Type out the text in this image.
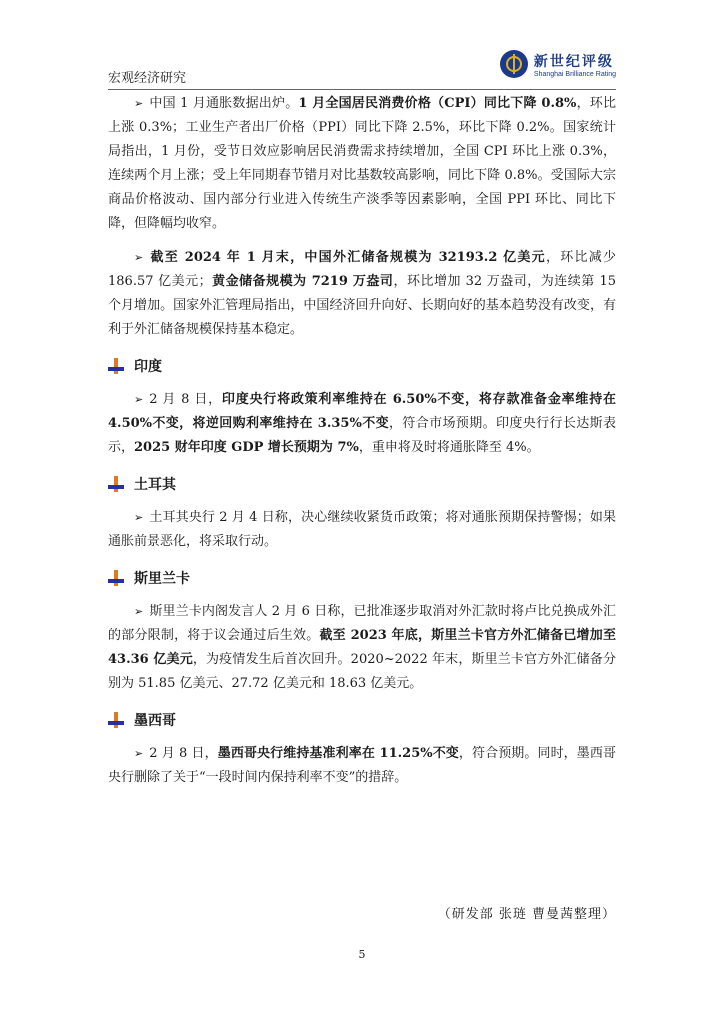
宏观经济研究
新世纪评级
Shanghai Brilliance Rating

➢ 中国 1 月通胀数据出炉。1 月全国居民消费价格（CPI）同比下降 0.8%，环比上涨 0.3%；工业生产者出厂价格（PPI）同比下降 2.5%，环比下降 0.2%。国家统计局指出，1 月份，受节日效应影响居民消费需求持续增加，全国 CPI 环比上涨 0.3%，连续两个月上涨；受上年同期春节错月对比基数较高影响，同比下降 0.8%。受国际大宗商品价格波动、国内部分行业进入传统生产淡季等因素影响，全国 PPI 环比、同比下降，但降幅均收窄。

➢ 截至 2024 年 1 月末，中国外汇储备规模为 32193.2 亿美元，环比减少 186.57 亿美元；黄金储备规模为 7219 万盎司，环比增加 32 万盎司，为连续第 15 个月增加。国家外汇管理局指出，中国经济回升向好、长期向好的基本趋势没有改变，有利于外汇储备规模保持基本稳定。

印度

➢ 2 月 8 日，印度央行将政策利率维持在 6.50%不变，将存款准备金率维持在 4.50%不变，将逆回购利率维持在 3.35%不变，符合市场预期。印度央行行长达斯表示，2025 财年印度 GDP 增长预期为 7%，重申将及时将通胀降至 4%。

土耳其

➢ 土耳其央行 2 月 4 日称，决心继续收紧货币政策；将对通胀预期保持警惕；如果通胀前景恶化，将采取行动。

斯里兰卡

➢ 斯里兰卡内阁发言人 2 月 6 日称，已批准逐步取消对外汇款时将卢比兑换成外汇的部分限制，将于议会通过后生效。截至 2023 年底，斯里兰卡官方外汇储备已增加至 43.36 亿美元，为疫情发生后首次回升。2020~2022 年末，斯里兰卡官方外汇储备分别为 51.85 亿美元、27.72 亿美元和 18.63 亿美元。

墨西哥

➢ 2 月 8 日，墨西哥央行维持基准利率在 11.25%不变，符合预期。同时，墨西哥央行删除了关于“一段时间内保持利率不变”的措辞。

（研发部 张琏 曹曼茜整理）
5
